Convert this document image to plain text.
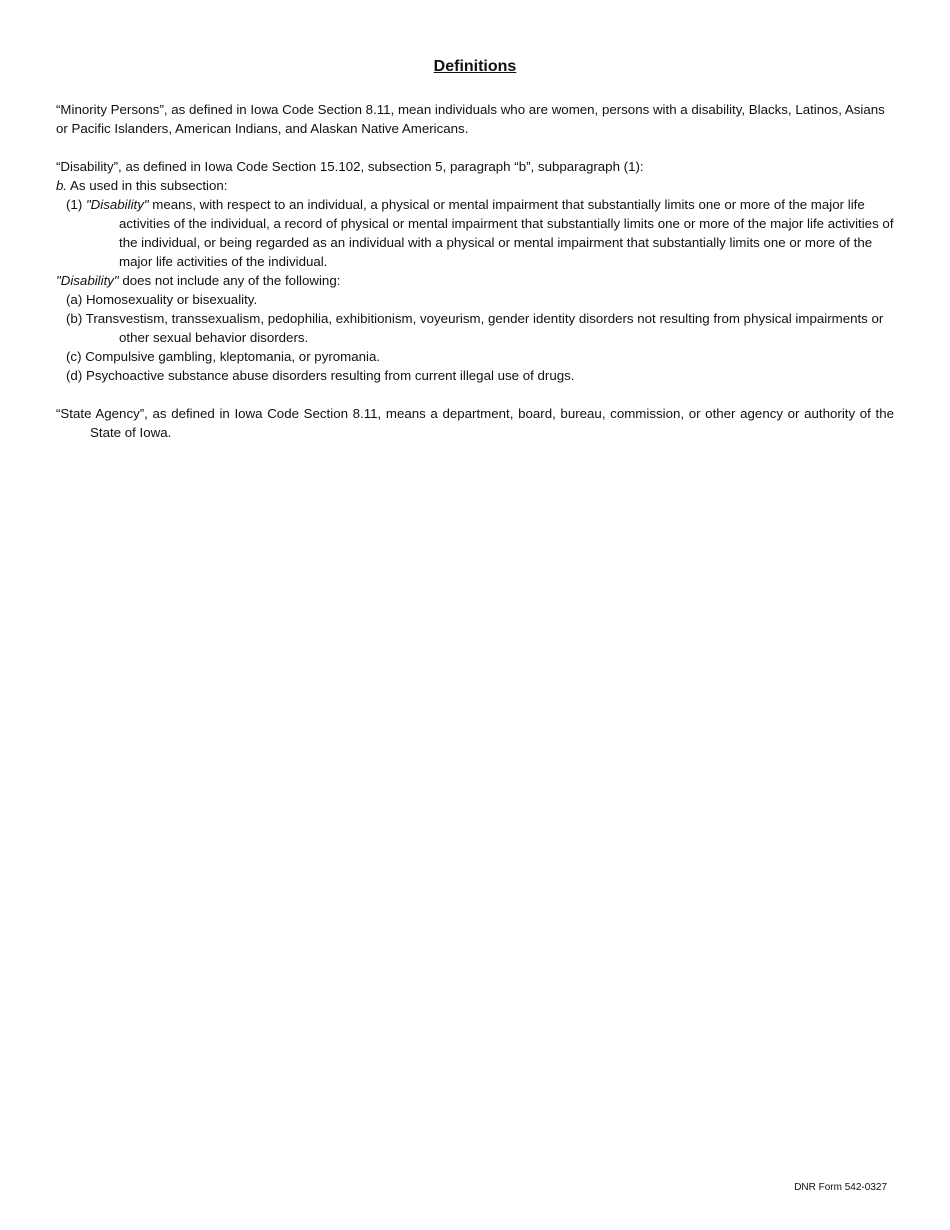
Definitions

“Minority Persons”, as defined in Iowa Code Section 8.11, mean individuals who are women, persons with a disability, Blacks, Latinos, Asians or Pacific Islanders, American Indians, and Alaskan Native Americans.

“Disability”, as defined in Iowa Code Section 15.102, subsection 5, paragraph “b”, subparagraph (1):

b. As used in this subsection:

(1) "Disability" means, with respect to an individual, a physical or mental impairment that substantially limits one or more of the major life activities of the individual, a record of physical or mental impairment that substantially limits one or more of the major life activities of the individual, or being regarded as an individual with a physical or mental impairment that substantially limits one or more of the major life activities of the individual.

"Disability" does not include any of the following:

(a) Homosexuality or bisexuality.

(b) Transvestism, transsexualism, pedophilia, exhibitionism, voyeurism, gender identity disorders not resulting from physical impairments or other sexual behavior disorders.

(c) Compulsive gambling, kleptomania, or pyromania.

(d) Psychoactive substance abuse disorders resulting from current illegal use of drugs.

“State Agency”, as defined in Iowa Code Section 8.11, means a department, board, bureau, commission, or other agency or authority of the State of Iowa.

DNR Form 542-0327
